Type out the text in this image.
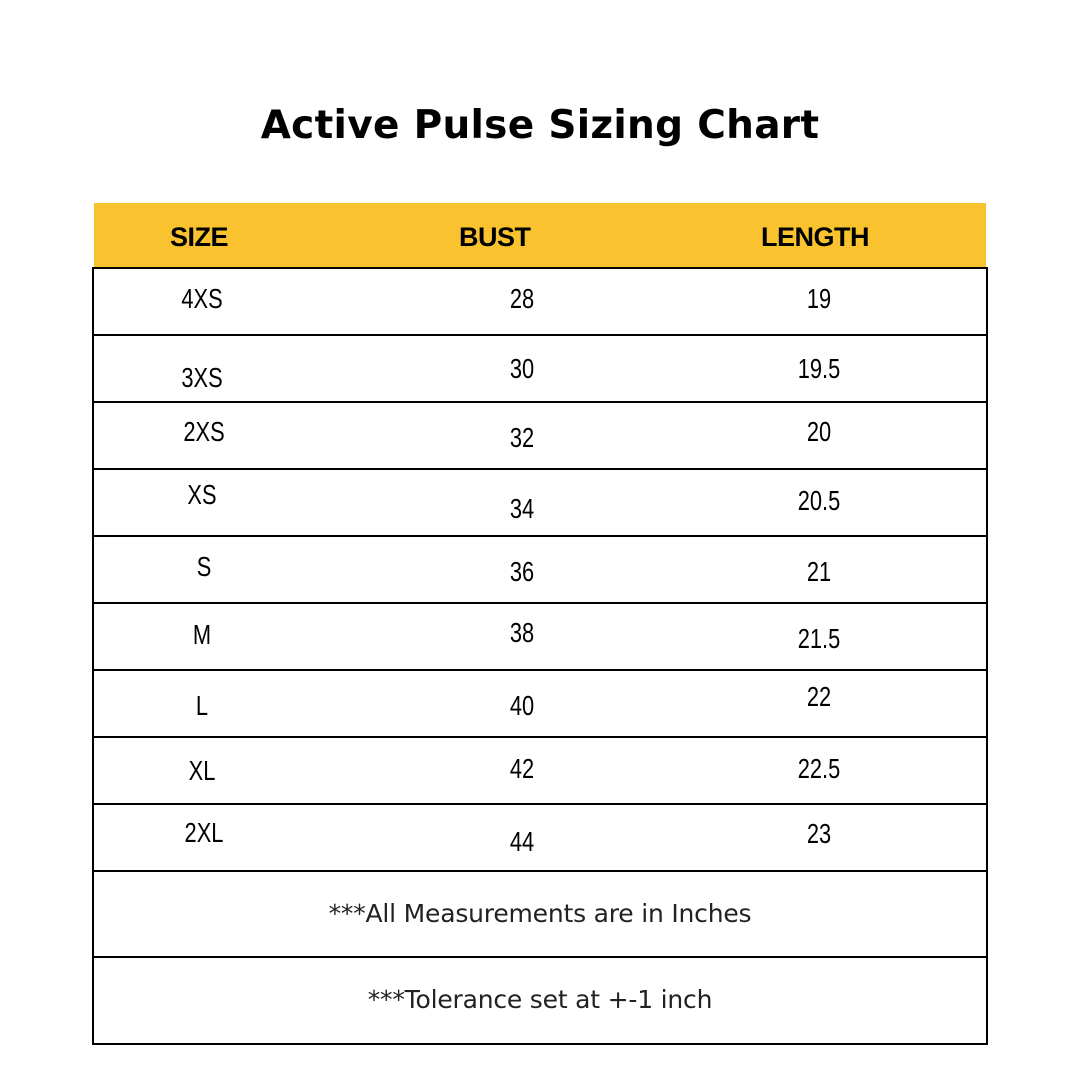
Active Pulse Sizing Chart
SIZE	BUST	LENGTH
4XS	28	19
3XS	30	19.5
2XS	32	20
XS	34	20.5
S	36	21
M	38	21.5
L	40	22
XL	42	22.5
2XL	44	23
***All Measurements are in Inches
***Tolerance set at +-1 inch
